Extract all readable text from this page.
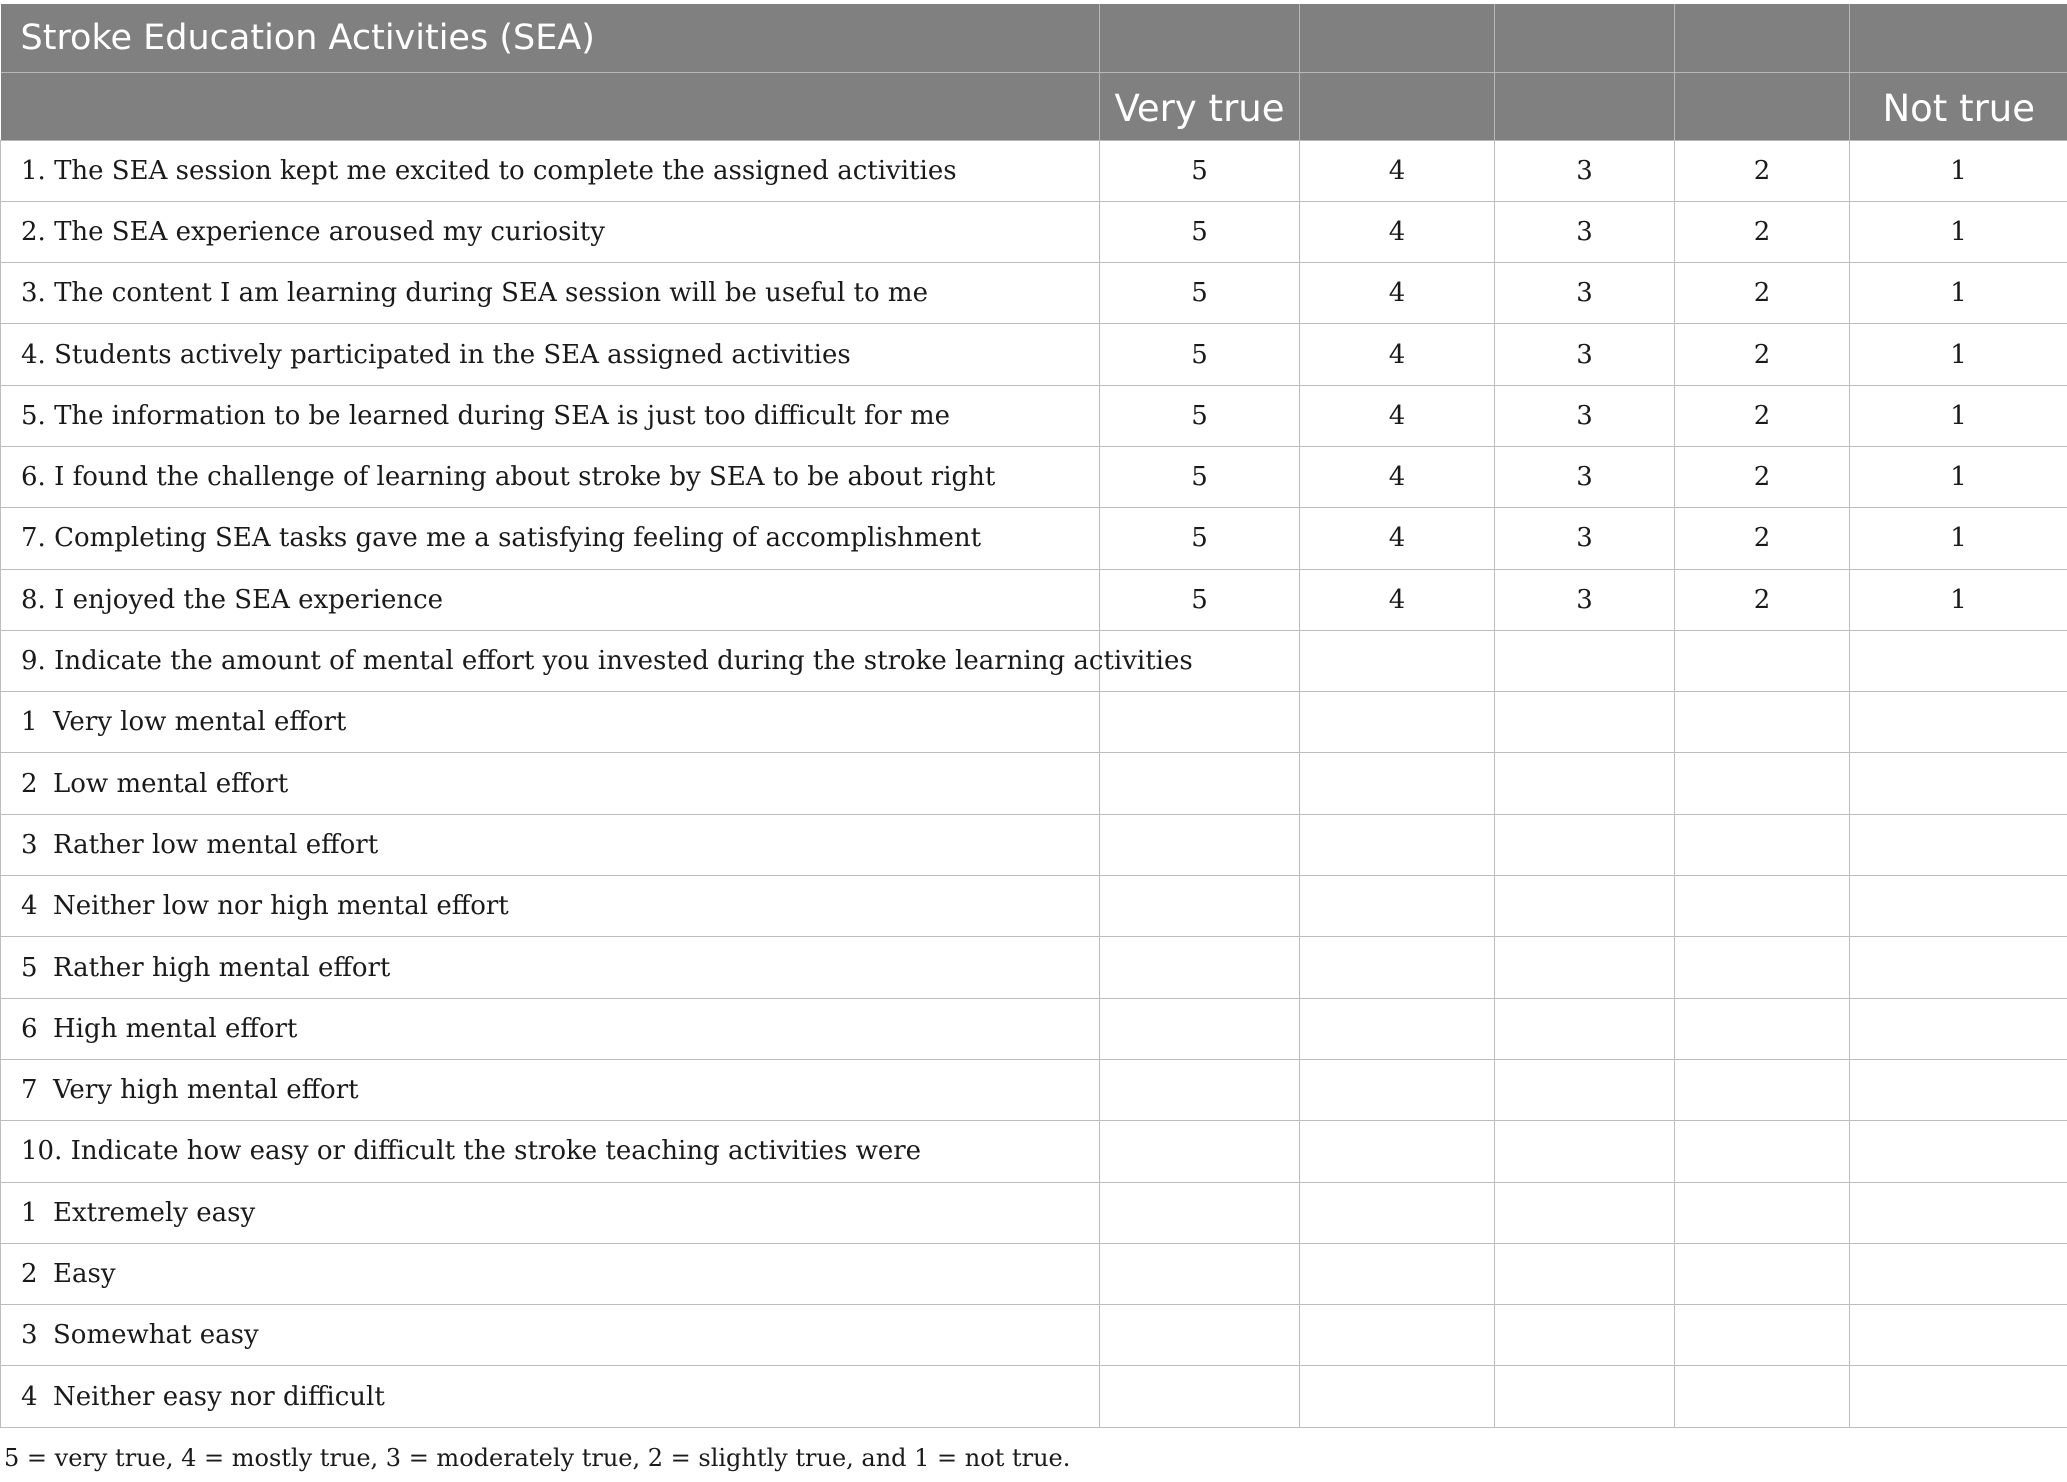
Stroke Education Activities (SEA)					
	Very true				Not true
1. The SEA session kept me excited to complete the assigned activities	5	4	3	2	1
2. The SEA experience aroused my curiosity	5	4	3	2	1
3. The content I am learning during SEA session will be useful to me	5	4	3	2	1
4. Students actively participated in the SEA assigned activities	5	4	3	2	1
5. The information to be learned during SEA is just too difficult for me	5	4	3	2	1
6. I found the challenge of learning about stroke by SEA to be about right	5	4	3	2	1
7. Completing SEA tasks gave me a satisfying feeling of accomplishment	5	4	3	2	1
8. I enjoyed the SEA experience	5	4	3	2	1
9. Indicate the amount of mental effort you invested during the stroke learning activities					
1 Very low mental effort					
2 Low mental effort					
3 Rather low mental effort					
4 Neither low nor high mental effort					
5 Rather high mental effort					
6 High mental effort					
7 Very high mental effort					
10. Indicate how easy or difficult the stroke teaching activities were					
1 Extremely easy					
2 Easy					
3 Somewhat easy					
4 Neither easy nor difficult					
5 = very true, 4 = mostly true, 3 = moderately true, 2 = slightly true, and 1 = not true.
